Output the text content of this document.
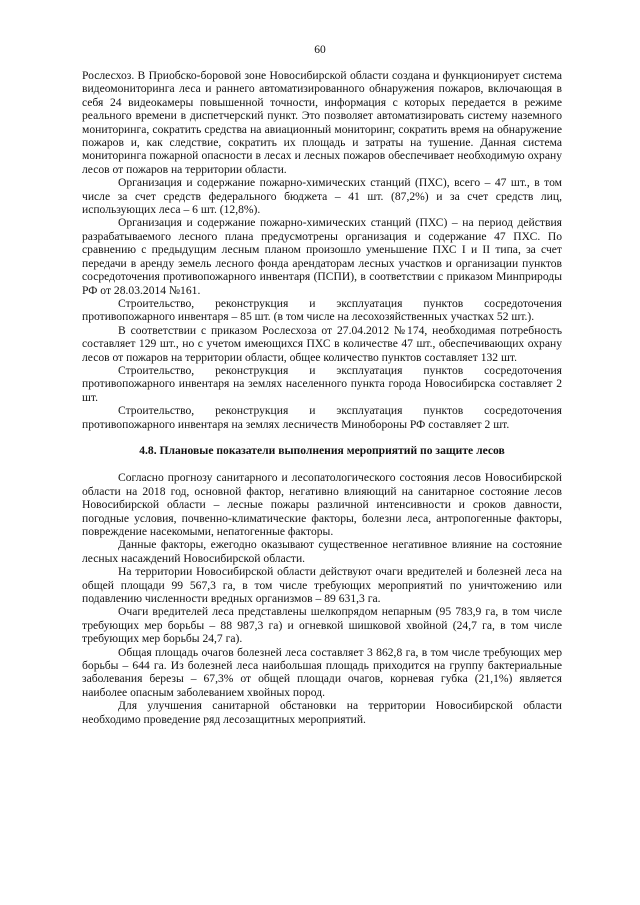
60

Рослесхоз. В Приобско-боровой зоне Новосибирской области создана и функционирует система видеомониторинга леса и раннего автоматизированного обнаружения пожаров, включающая в себя 24 видеокамеры повышенной точности, информация с которых передается в режиме реального времени в диспетчерский пункт. Это позволяет автоматизировать систему наземного мониторинга, сократить средства на авиационный мониторинг, сократить время на обнаружение пожаров и, как следствие, сократить их площадь и затраты на тушение. Данная система мониторинга пожарной опасности в лесах и лесных пожаров обеспечивает необходимую охрану лесов от пожаров на территории области.

Организация и содержание пожарно-химических станций (ПХС), всего – 47 шт., в том числе за счет средств федерального бюджета – 41 шт. (87,2%) и за счет средств лиц, использующих леса – 6 шт. (12,8%).

Организация и содержание пожарно-химических станций (ПХС) – на период действия разрабатываемого лесного плана предусмотрены организация и содержание 47 ПХС. По сравнению с предыдущим лесным планом произошло уменьшение ПХС I и II типа, за счет передачи в аренду земель лесного фонда арендаторам лесных участков и организации пунктов сосредоточения противопожарного инвентаря (ПСПИ), в соответствии с приказом Минприроды РФ от 28.03.2014 №161.

Строительство, реконструкция и эксплуатация пунктов сосредоточения противопожарного инвентаря – 85 шт. (в том числе на лесохозяйственных участках 52 шт.).

В соответствии с приказом Рослесхоза от 27.04.2012 №174, необходимая потребность составляет 129 шт., но с учетом имеющихся ПХС в количестве 47 шт., обеспечивающих охрану лесов от пожаров на территории области, общее количество пунктов составляет 132 шт.

Строительство, реконструкция и эксплуатация пунктов сосредоточения противопожарного инвентаря на землях населенного пункта города Новосибирска составляет 2 шт.

Строительство, реконструкция и эксплуатация пунктов сосредоточения противопожарного инвентаря на землях лесничеств Минобороны РФ составляет 2 шт.

4.8. Плановые показатели выполнения мероприятий по защите лесов

Согласно прогнозу санитарного и лесопатологического состояния лесов Новосибирской области на 2018 год, основной фактор, негативно влияющий на санитарное состояние лесов Новосибирской области – лесные пожары различной интенсивности и сроков давности, погодные условия, почвенно-климатические факторы, болезни леса, антропогенные факторы, повреждение насекомыми, непатогенные факторы.

Данные факторы, ежегодно оказывают существенное негативное влияние на состояние лесных насаждений Новосибирской области.

На территории Новосибирской области действуют очаги вредителей и болезней леса на общей площади 99 567,3 га, в том числе требующих мероприятий по уничтожению или подавлению численности вредных организмов – 89 631,3 га.

Очаги вредителей леса представлены шелкопрядом непарным (95 783,9 га, в том числе требующих мер борьбы – 88 987,3 га) и огневкой шишковой хвойной (24,7 га, в том числе требующих мер борьбы 24,7 га).

Общая площадь очагов болезней леса составляет 3 862,8 га, в том числе требующих мер борьбы – 644 га. Из болезней леса наибольшая площадь приходится на группу бактериальные заболевания березы – 67,3% от общей площади очагов, корневая губка (21,1%) является наиболее опасным заболеванием хвойных пород.

Для улучшения санитарной обстановки на территории Новосибирской области необходимо проведение ряд лесозащитных мероприятий.
